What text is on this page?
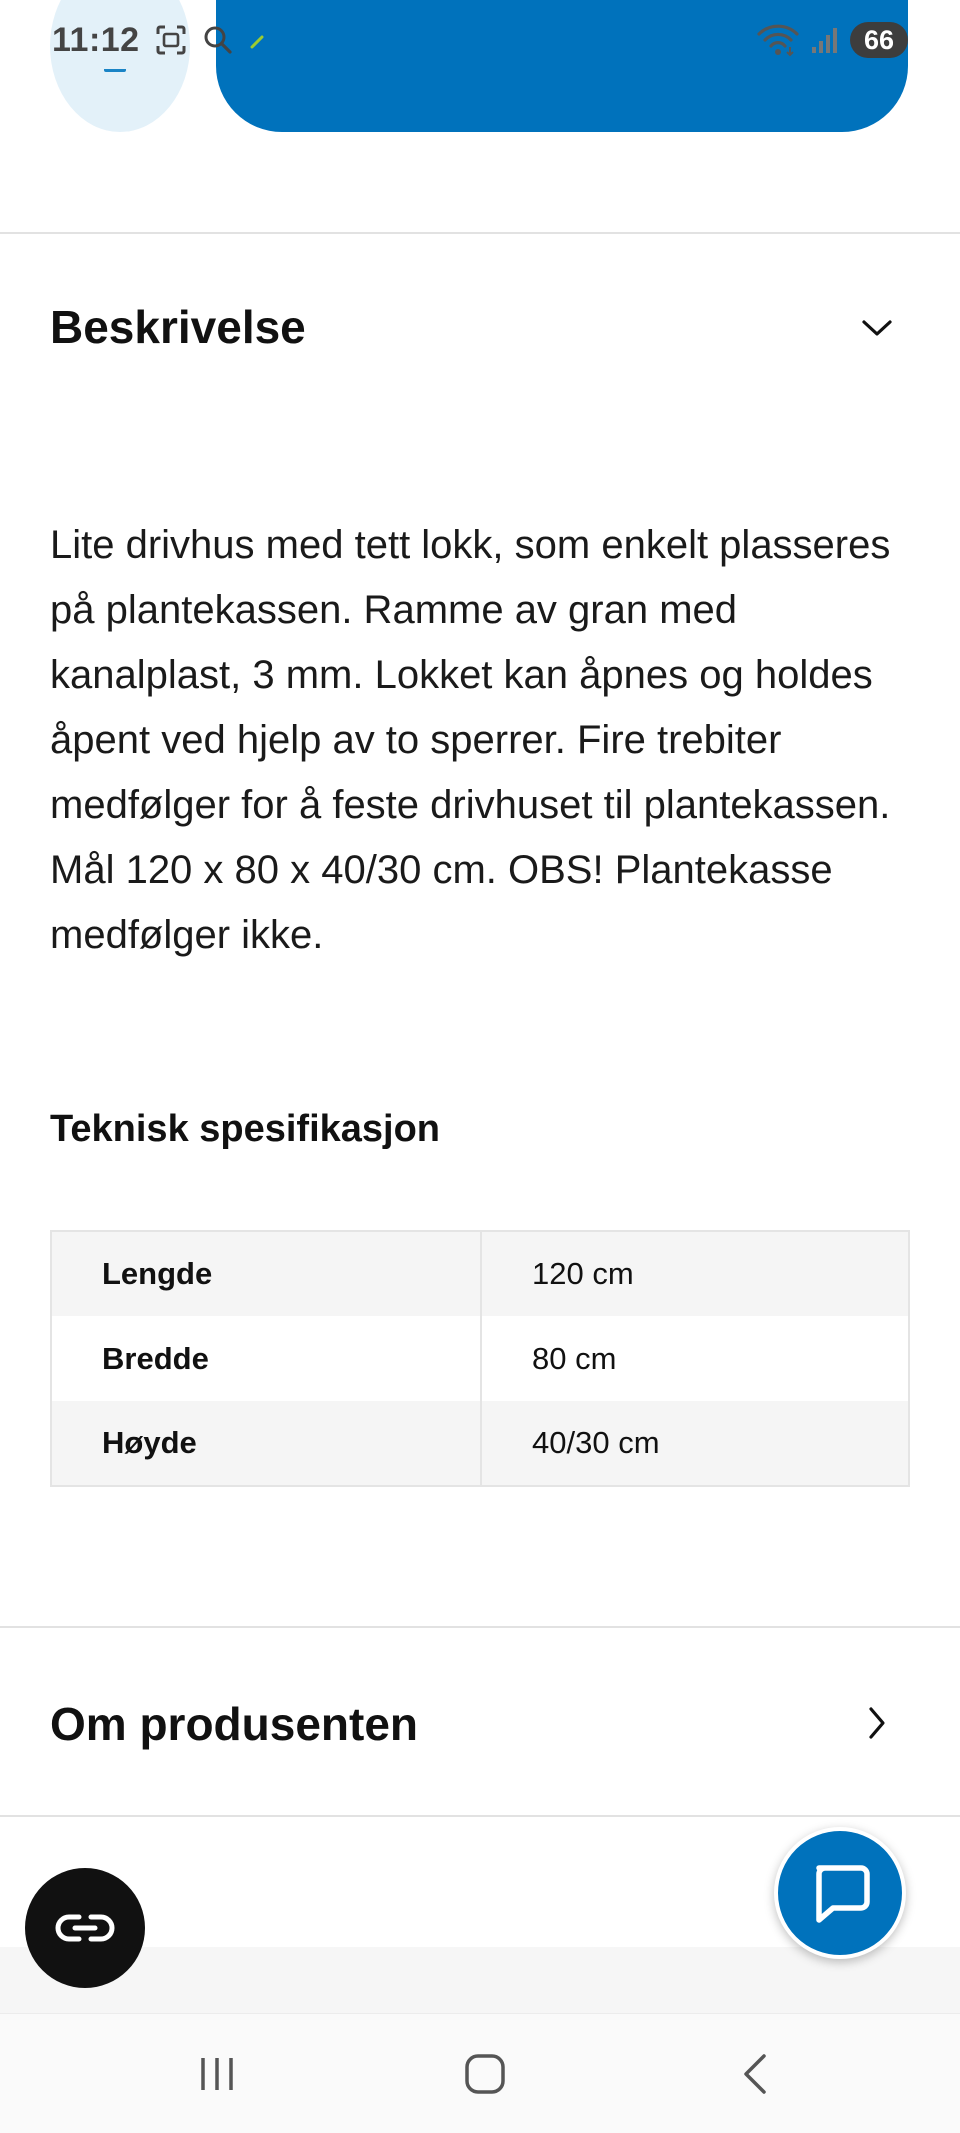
11:12	66
Beskrivelse

Lite drivhus med tett lokk, som enkelt plasseres på plantekassen. Ramme av gran med kanalplast, 3 mm. Lokket kan åpnes og holdes åpent ved hjelp av to sperrer. Fire trebiter medfølger for å feste drivhuset til plantekassen. Mål 120 x 80 x 40/30 cm. OBS! Plantekasse medfølger ikke.

Teknisk spesifikasjon
Lengde	120 cm
Bredde	80 cm
Høyde	40/30 cm
Om produsenten
